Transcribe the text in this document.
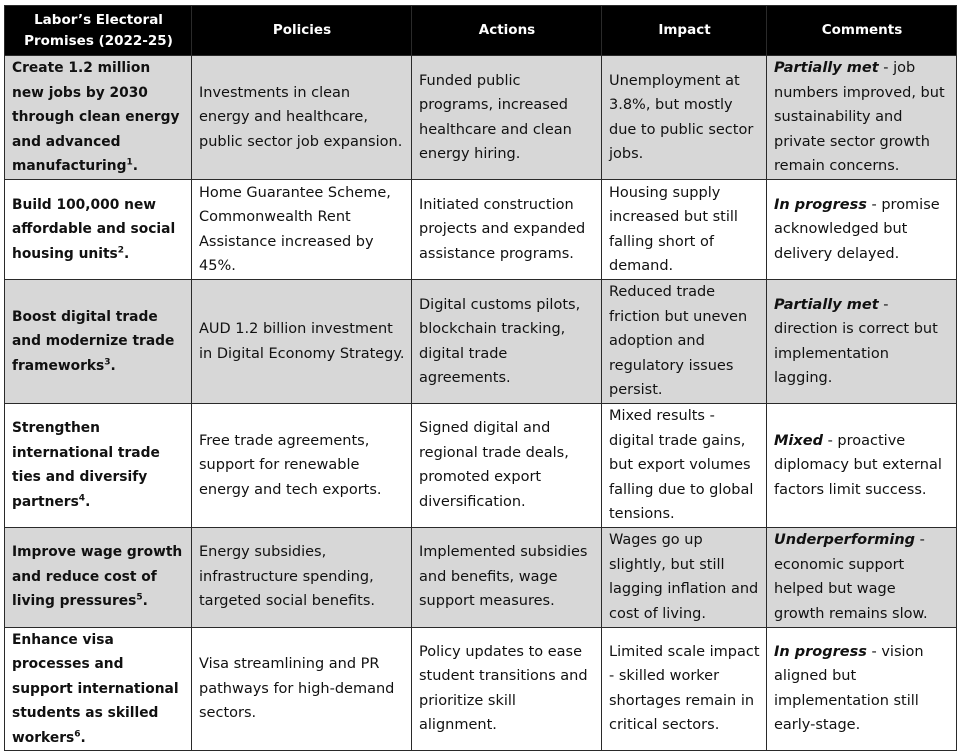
Labor’s Electoral Promises (2022-25)	Policies	Actions	Impact	Comments
Create 1.2 million new jobs by 2030 through clean energy and advanced manufacturing$^1$.	Investments in clean energy and healthcare, public sector job expansion.	Funded public programs, increased healthcare and clean energy hiring.	Unemployment at 3.8%, but mostly due to public sector jobs.	Partially met - job numbers improved, but sustainability and private sector growth remain concerns.
Build 100,000 new affordable and social housing units$^2$.	Home Guarantee Scheme, Commonwealth Rent Assistance increased by 45%.	Initiated construction projects and expanded assistance programs.	Housing supply increased but still falling short of demand.	In progress - promise acknowledged but delivery delayed.
Boost digital trade and modernize trade frameworks$^3$.	AUD 1.2 billion investment in Digital Economy Strategy.	Digital customs pilots, blockchain tracking, digital trade agreements.	Reduced trade friction but uneven adoption and regulatory issues persist.	Partially met - direction is correct but implementation lagging.
Strengthen international trade ties and diversify partners$^4$.	Free trade agreements, support for renewable energy and tech exports.	Signed digital and regional trade deals, promoted export diversification.	Mixed results - digital trade gains, but export volumes falling due to global tensions.	Mixed - proactive diplomacy but external factors limit success.
Improve wage growth and reduce cost of living pressures$^5$.	Energy subsidies, infrastructure spending, targeted social benefits.	Implemented subsidies and benefits, wage support measures.	Wages go up slightly, but still lagging inflation and cost of living.	Underperforming - economic support helped but wage growth remains slow.
Enhance visa processes and support international students as skilled workers$^6$.	Visa streamlining and PR pathways for high-demand sectors.	Policy updates to ease student transitions and prioritize skill alignment.	Limited scale impact - skilled worker shortages remain in critical sectors.	In progress - vision aligned but implementation still early-stage.
